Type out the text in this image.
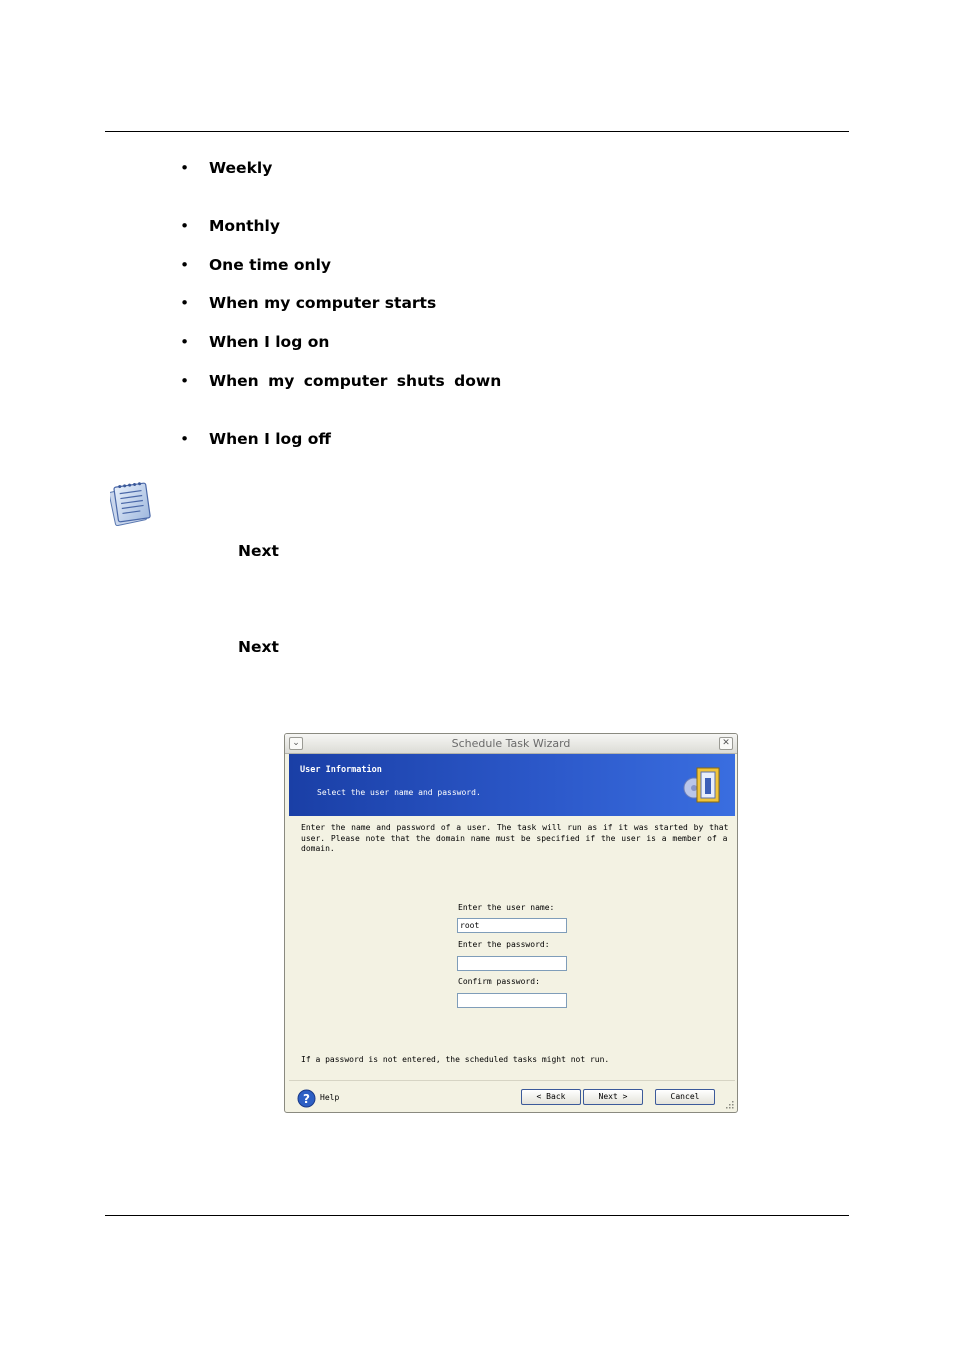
• Weekly
• Monthly
• One time only
• When my computer starts
• When I log on
• When my computer shuts down
• When I log off
Next
Next
⌄	Schedule Task Wizard	✕
User Information
Select the user name and password.
Enter the name and password of a user. The task will run as if it was started by that user. Please note that the domain name must be specified if the user is a member of a domain.
Enter the user name:
root
Enter the password:
Confirm password:
If a password is not entered, the scheduled tasks might not run.
? Help	< Back	Next >	Cancel
